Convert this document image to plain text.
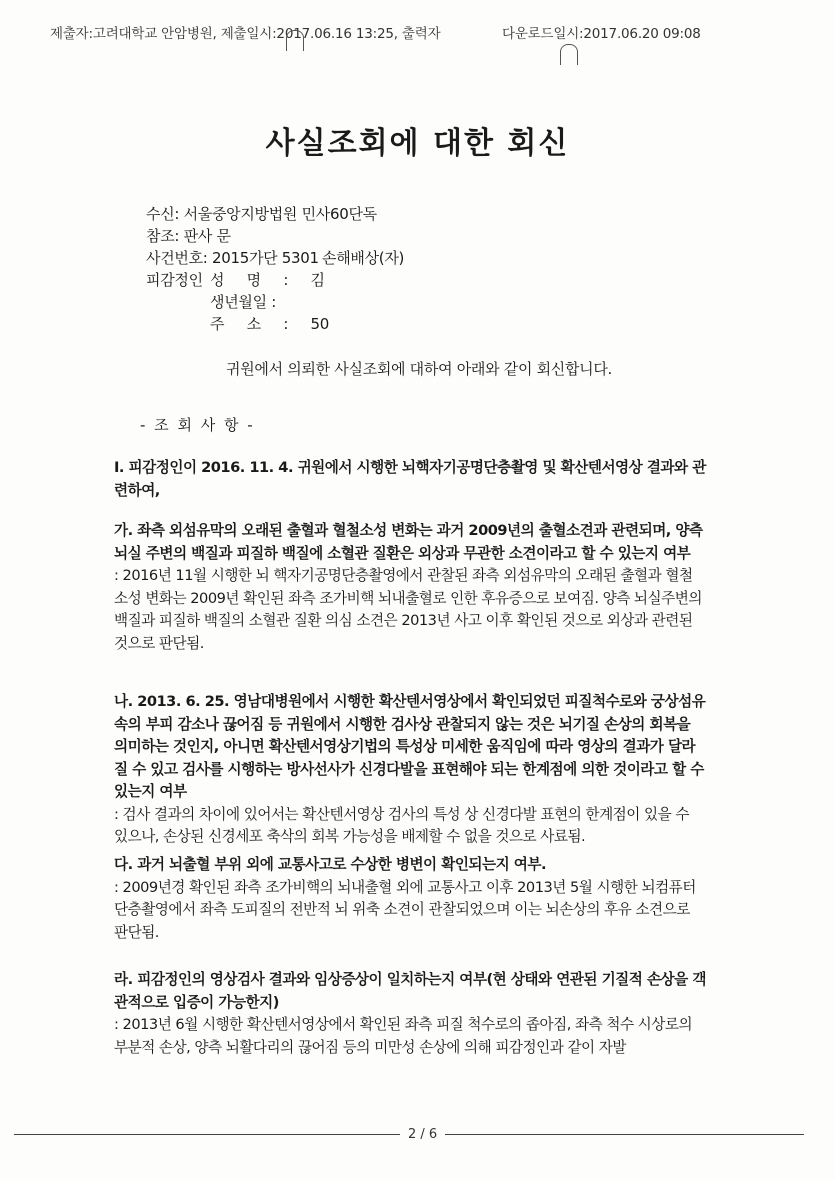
제출자:고려대학교 안암병원, 제출일시:2017.06.16 13:25, 출력자	다운로드일시:2017.06.20 09:08
사실조회에 대한 회신
수신: 서울중앙지방법원 민사60단독
참조: 판사 문
사건번호: 2015가단 5301 손해배상(자)
피감정인 성 명 : 김
생년월일 :
주 소 : 50
귀원에서 의뢰한 사실조회에 대하여 아래와 같이 회신합니다.
- 조 회 사 항 -

I. 피감정인이 2016. 11. 4. 귀원에서 시행한 뇌핵자기공명단층촬영 및 확산텐서영상 결과와 관련하여,

가. 좌측 외섬유막의 오래된 출혈과 혈철소성 변화는 과거 2009년의 출혈소견과 관련되며, 양측 뇌실 주변의 백질과 피질하 백질에 소혈관 질환은 외상과 무관한 소견이라고 할 수 있는지 여부

: 2016년 11월 시행한 뇌 핵자기공명단층촬영에서 관찰된 좌측 외섬유막의 오래된 출혈과 혈철소성 변화는 2009년 확인된 좌측 조가비핵 뇌내출혈로 인한 후유증으로 보여짐. 양측 뇌실주변의 백질과 피질하 백질의 소혈관 질환 의심 소견은 2013년 사고 이후 확인된 것으로 외상과 관련된 것으로 판단됨.

나. 2013. 6. 25. 영남대병원에서 시행한 확산텐서영상에서 확인되었던 피질척수로와 궁상섬유속의 부피 감소나 끊어짐 등 귀원에서 시행한 검사상 관찰되지 않는 것은 뇌기질 손상의 회복을 의미하는 것인지, 아니면 확산텐서영상기법의 특성상 미세한 움직임에 따라 영상의 결과가 달라질 수 있고 검사를 시행하는 방사선사가 신경다발을 표현해야 되는 한계점에 의한 것이라고 할 수 있는지 여부

: 검사 결과의 차이에 있어서는 확산텐서영상 검사의 특성 상 신경다발 표현의 한계점이 있을 수 있으나, 손상된 신경세포 축삭의 회복 가능성을 배제할 수 없을 것으로 사료됨.

다. 과거 뇌출혈 부위 외에 교통사고로 수상한 병변이 확인되는지 여부.

: 2009년경 확인된 좌측 조가비핵의 뇌내출혈 외에 교통사고 이후 2013년 5월 시행한 뇌컴퓨터단층촬영에서 좌측 도피질의 전반적 뇌 위축 소견이 관찰되었으며 이는 뇌손상의 후유 소견으로 판단됨.

라. 피감정인의 영상검사 결과와 임상증상이 일치하는지 여부(현 상태와 연관된 기질적 손상을 객관적으로 입증이 가능한지)

: 2013년 6월 시행한 확산텐서영상에서 확인된 좌측 피질 척수로의 좁아짐, 좌측 척수 시상로의 부분적 손상, 양측 뇌활다리의 끊어짐 등의 미만성 손상에 의해 피감정인과 같이 자발

2 / 6
